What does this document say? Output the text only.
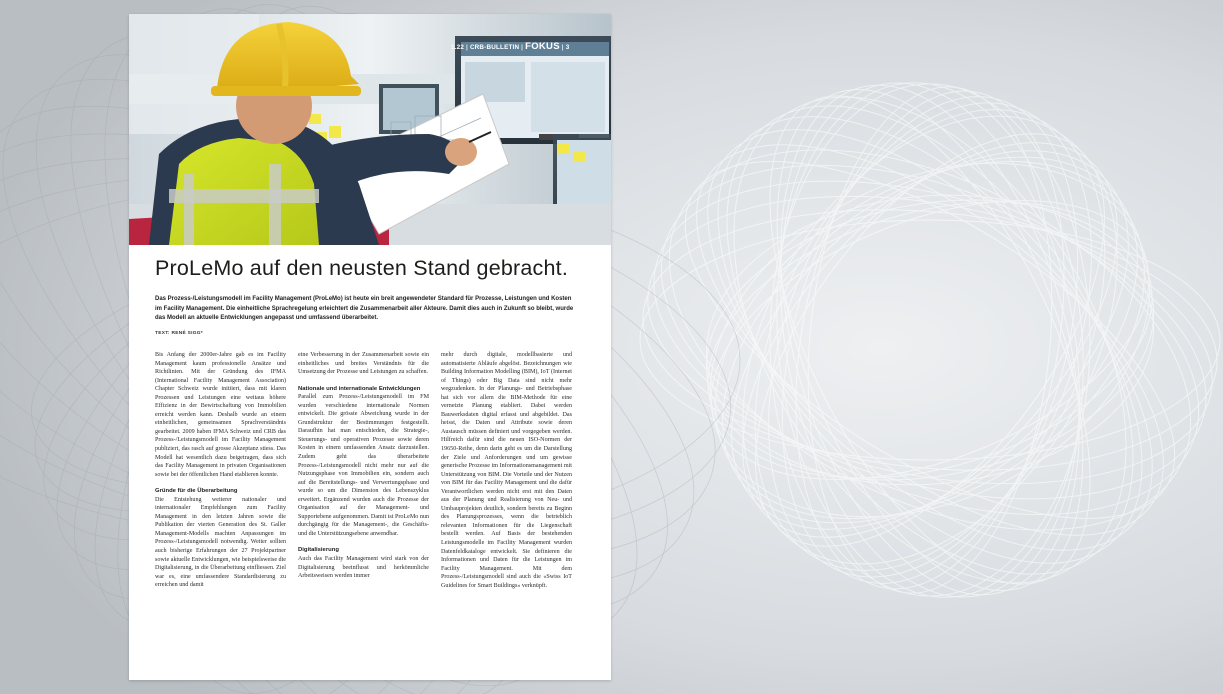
1.22 | CRB-BULLETIN | FOKUS | 3
ProLeMo auf den neusten Stand gebracht.
Das Prozess-/Leistungsmodell im Facility Management (ProLeMo) ist heute ein breit angewendeter Standard für Prozesse, Leistungen und Kosten im Facility Management. Die einheitliche Sprachregelung erleichtert die Zusammenarbeit aller Akteure. Damit dies auch in Zukunft so bleibt, wurde das Modell an aktuelle Entwicklungen angepasst und umfassend überarbeitet.
TEXT: RENÉ SIGG*

Bis Anfang der 2000er-Jahre gab es im Facility Management kaum professionelle Ansätze und Richtlinien. Mit der Gründung des IFMA (International Facility Management Association) Chapter Schweiz wurde initiiert, dass mit klaren Prozessen und Leistungen eine weitaus höhere Effizienz in der Bewirtschaftung von Immobilien erreicht werden kann. Deshalb wurde an einem einheitlichen, gemeinsamen Sprachverständnis gearbeitet. 2009 haben IFMA Schweiz und CRB das Prozess-/Leistungsmodell im Facility Management publiziert, das rasch auf grosse Akzeptanz stiess. Das Modell hat wesentlich dazu beigetragen, dass sich das Facility Management in privaten Organisationen sowie bei der öffentlichen Hand etablieren konnte.

Gründe für die Überarbeitung

Die Entstehung weiterer nationaler und internationaler Empfehlungen zum Facility Management in den letzten Jahren sowie die Publikation der vierten Generation des St. Galler Management-Modells machten Anpassungen im Prozess-/Leistungsmodell notwendig. Weiter sollten auch bisherige Erfahrungen der 27 Projektpartner sowie aktuelle Entwicklungen, wie beispielsweise die Digitalisierung, in die Überarbeitung einfliessen. Ziel war es, eine umfassendere Standardisierung zu erreichen und damit

eine Verbesserung in der Zusammenarbeit sowie ein einheitliches und breites Verständnis für die Umsetzung der Prozesse und Leistungen zu schaffen.

Nationale und internationale Entwicklungen

Parallel zum Prozess-/Leistungsmodell im FM wurden verschiedene internationale Normen entwickelt. Die grösste Abweichung wurde in der Grundstruktur der Bestimmungen festgestellt. Daraufhin hat man entschieden, die Strategie-, Steuerungs- und operativen Prozesse sowie deren Kosten in einem umfassenden Ansatz darzustellen. Zudem geht das überarbeitete Prozess-/Leistungsmodell nicht mehr nur auf die Nutzungsphase von Immobilien ein, sondern auch auf die Bereitstellungs- und Verwertungsphase und wurde so um die Dimension des Lebenszyklus erweitert. Ergänzend wurden auch die Prozesse der Organisation auf der Management- und Supportebene aufgenommen. Damit ist ProLeMo nun durchgängig für die Management-, die Geschäfts- und die Unterstützungsebene anwendbar.

Digitalisierung

Auch das Facility Management wird stark von der Digitalisierung beeinflusst und herkömmliche Arbeitsweisen werden immer

mehr durch digitale, modellbasierte und automatisierte Abläufe abgelöst. Bezeichnungen wie Building Information Modelling (BIM), IoT (Internet of Things) oder Big Data sind nicht mehr wegzudenken. In der Planungs- und Betriebsphase hat sich vor allem die BIM-Methode für eine vernetzte Planung etabliert. Dabei werden Bauwerksdaten digital erfasst und abgebildet. Das heisst, die Daten und Attribute sowie deren Austausch müssen definiert und vorgegeben werden. Hilfreich dafür sind die neuen ISO-Normen der 19650-Reihe, denn darin geht es um die Darstellung der Ziele und Anforderungen und um gewisse generische Prozesse im Informationsmanagement mit Unterstützung von BIM. Die Vorteile und der Nutzen von BIM für das Facility Management und die dafür Verantwortlichen werden nicht erst mit den Daten aus der Planung und Realisierung von Neu- und Umbauprojekten deutlich, sondern bereits zu Beginn des Planungsprozesses, wenn die betrieblich relevanten Informationen für die Liegenschaft bestellt werden. Auf Basis der bestehenden Leistungsmodelle im Facility Management wurden Datenfeldkataloge entwickelt. Sie definieren die Informationen und Daten für die Leistungen im Facility Management. Mit dem Prozess-/Leistungsmodell sind auch die «Swiss IoT Guidelines for Smart Buildings» verknüpft.
